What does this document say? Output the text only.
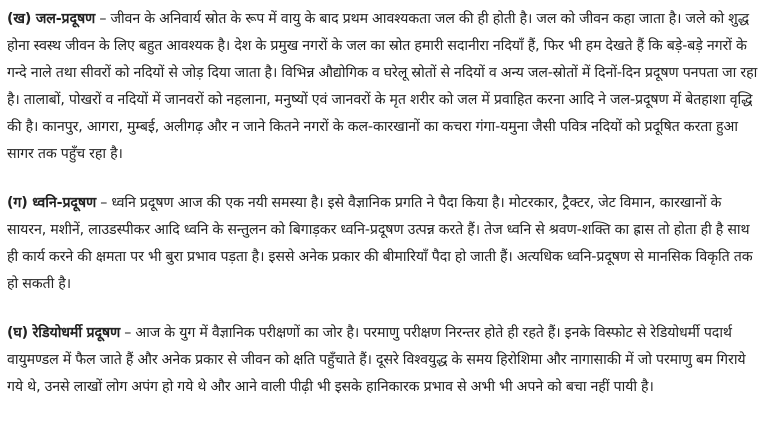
(ख) जल-प्रदूषण – जीवन के अनिवार्य स्रोत के रूप में वायु के बाद प्रथम आवश्यकता जल की ही होती है। जल को जीवन कहा जाता है। जले को शुद्ध होना स्वस्थ जीवन के लिए बहुत आवश्यक है। देश के प्रमुख नगरों के जल का स्रोत हमारी सदानीरा नदियाँ हैं, फिर भी हम देखते हैं कि बड़े-बड़े नगरों के गन्दे नाले तथा सीवरों को नदियों से जोड़ दिया जाता है। विभिन्न औद्योगिक व घरेलू स्रोतों से नदियों व अन्य जल-स्रोतों में दिनों-दिन प्रदूषण पनपता जा रहा है। तालाबों, पोखरों व नदियों में जानवरों को नहलाना, मनुष्यों एवं जानवरों के मृत शरीर को जल में प्रवाहित करना आदि ने जल-प्रदूषण में बेतहाशा वृद्धि की है। कानपुर, आगरा, मुम्बई, अलीगढ़ और न जाने कितने नगरों के कल-कारखानों का कचरा गंगा-यमुना जैसी पवित्र नदियों को प्रदूषित करता हुआ सागर तक पहुँच रहा है।

(ग) ध्वनि-प्रदूषण – ध्वनि प्रदूषण आज की एक नयी समस्या है। इसे वैज्ञानिक प्रगति ने पैदा किया है। मोटरकार, ट्रैक्टर, जेट विमान, कारखानों के सायरन, मशीनें, लाउडस्पीकर आदि ध्वनि के सन्तुलन को बिगाड़कर ध्वनि-प्रदूषण उत्पन्न करते हैं। तेज ध्वनि से श्रवण-शक्ति का ह्रास तो होता ही है साथ ही कार्य करने की क्षमता पर भी बुरा प्रभाव पड़ता है। इससे अनेक प्रकार की बीमारियाँ पैदा हो जाती हैं। अत्यधिक ध्वनि-प्रदूषण से मानसिक विकृति तक हो सकती है।

(घ) रेडियोधर्मी प्रदूषण – आज के युग में वैज्ञानिक परीक्षणों का जोर है। परमाणु परीक्षण निरन्तर होते ही रहते हैं। इनके विस्फोट से रेडियोधर्मी पदार्थ वायुमण्डल में फैल जाते हैं और अनेक प्रकार से जीवन को क्षति पहुँचाते हैं। दूसरे विश्वयुद्ध के समय हिरोशिमा और नागासाकी में जो परमाणु बम गिराये गये थे, उनसे लाखों लोग अपंग हो गये थे और आने वाली पीढ़ी भी इसके हानिकारक प्रभाव से अभी भी अपने को बचा नहीं पायी है।
